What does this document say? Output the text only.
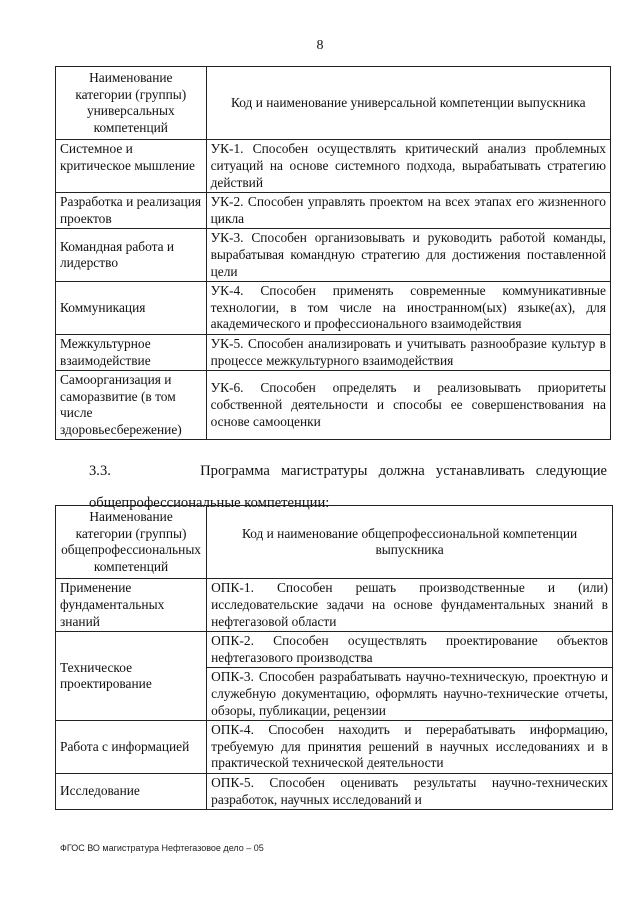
8
Наименование категории (группы) универсальных компетенций	Код и наименование универсальной компетенции выпускника
Системное и критическое мышление	УК-1. Способен осуществлять критический анализ проблемных ситуаций на основе системного подхода, вырабатывать стратегию действий
Разработка и реализация проектов	УК-2. Способен управлять проектом на всех этапах его жизненного цикла
Командная работа и лидерство	УК-3. Способен организовывать и руководить работой команды, вырабатывая командную стратегию для достижения поставленной цели
Коммуникация	УК-4. Способен применять современные коммуникативные технологии, в том числе на иностранном(ых) языке(ах), для академического и профессионального взаимодействия
Межкультурное взаимодействие	УК-5. Способен анализировать и учитывать разнообразие культур в процессе межкультурного взаимодействия
Самоорганизация и саморазвитие (в том числе здоровьесбережение)	УК-6. Способен определять и реализовывать приоритеты собственной деятельности и способы ее совершенствования на основе самооценки
3.3.	Программа магистратуры должна устанавливать следующие общепрофессиональные компетенции:
Наименование категории (группы) общепрофессиональных компетенций	Код и наименование общепрофессиональной компетенции выпускника
Применение фундаментальных знаний	ОПК-1. Способен решать производственные и (или) исследовательские задачи на основе фундаментальных знаний в нефтегазовой области
Техническое проектирование	ОПК-2. Способен осуществлять проектирование объектов нефтегазового производства
	ОПК-3. Способен разрабатывать научно-техническую, проектную и служебную документацию, оформлять научно-технические отчеты, обзоры, публикации, рецензии
Работа с информацией	ОПК-4. Способен находить и перерабатывать информацию, требуемую для принятия решений в научных исследованиях и в практической технической деятельности
Исследование	ОПК-5. Способен оценивать результаты научно-технических разработок, научных исследований и
ФГОС ВО магистратура Нефтегазовое дело – 05
